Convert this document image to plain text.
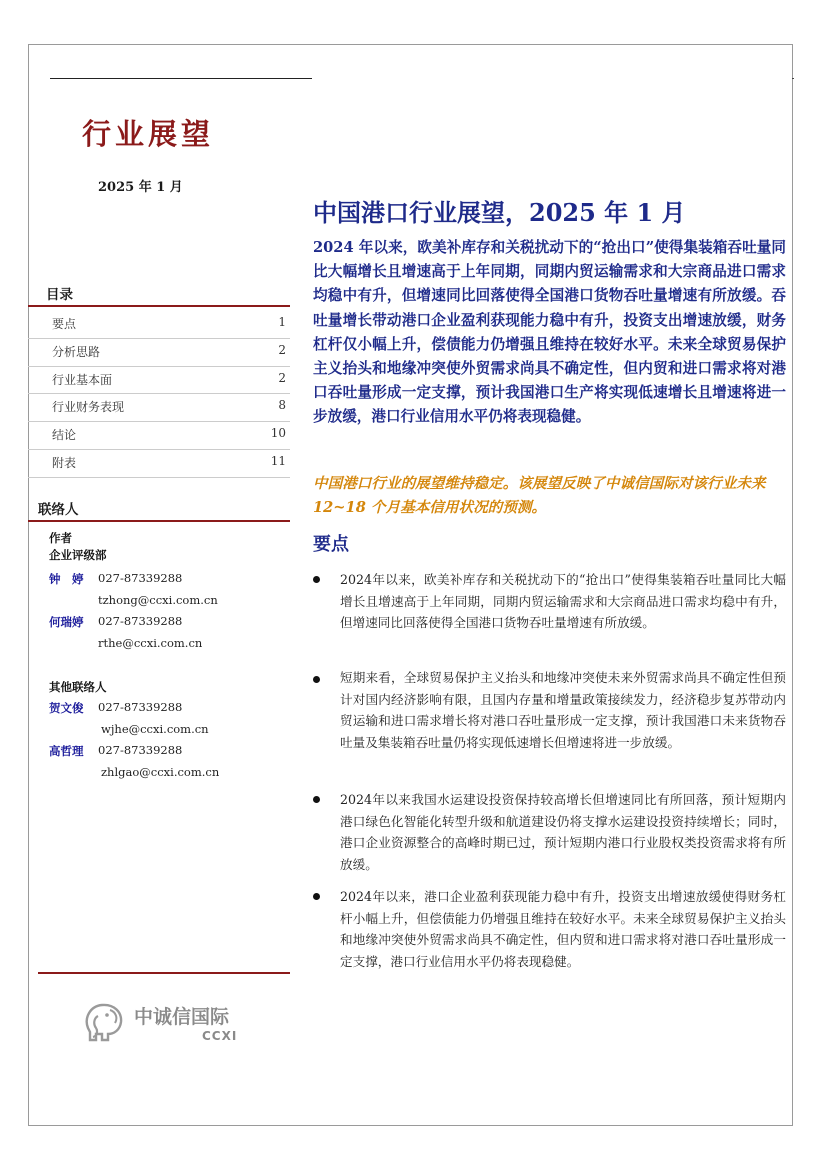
行业展望
2025 年 1 月
目录
要点	1
分析思路	2
行业基本面	2
行业财务表现	8
结论	10
附表	11
联络人
作者
企业评级部
钟　婷 027-87339288
tzhong@ccxi.com.cn
何瑞婷 027-87339288
rthe@ccxi.com.cn
其他联络人
贺文俊 027-87339288
wjhe@ccxi.com.cn
高哲理 027-87339288
zhlgao@ccxi.com.cn
中诚信国际
CCXI
中国港口行业展望，2025 年 1 月
2024 年以来，欧美补库存和关税扰动下的“抢出口”使得集装箱吞吐量同比大幅增长且增速高于上年同期，同期内贸运输需求和大宗商品进口需求均稳中有升，但增速同比回落使得全国港口货物吞吐量增速有所放缓。吞吐量增长带动港口企业盈利获现能力稳中有升，投资支出增速放缓，财务杠杆仅小幅上升，偿债能力仍增强且维持在较好水平。未来全球贸易保护主义抬头和地缘冲突使外贸需求尚具不确定性，但内贸和进口需求将对港口吞吐量形成一定支撑，预计我国港口生产将实现低速增长且增速将进一步放缓，港口行业信用水平仍将表现稳健。
中国港口行业的展望维持稳定。该展望反映了中诚信国际对该行业未来 12~18 个月基本信用状况的预测。
要点
2024年以来，欧美补库存和关税扰动下的“抢出口”使得集装箱吞吐量同比大幅增长且增速高于上年同期，同期内贸运输需求和大宗商品进口需求均稳中有升，但增速同比回落使得全国港口货物吞吐量增速有所放缓。
短期来看，全球贸易保护主义抬头和地缘冲突使未来外贸需求尚具不确定性但预计对国内经济影响有限，且国内存量和增量政策接续发力，经济稳步复苏带动内贸运输和进口需求增长将对港口吞吐量形成一定支撑，预计我国港口未来货物吞吐量及集装箱吞吐量仍将实现低速增长但增速将进一步放缓。
2024年以来我国水运建设投资保持较高增长但增速同比有所回落，预计短期内港口绿色化智能化转型升级和航道建设仍将支撑水运建设投资持续增长；同时，港口企业资源整合的高峰时期已过，预计短期内港口行业股权类投资需求将有所放缓。
2024年以来，港口企业盈利获现能力稳中有升，投资支出增速放缓使得财务杠杆小幅上升，但偿债能力仍增强且维持在较好水平。未来全球贸易保护主义抬头和地缘冲突使外贸需求尚具不确定性，但内贸和进口需求将对港口吞吐量形成一定支撑，港口行业信用水平仍将表现稳健。
